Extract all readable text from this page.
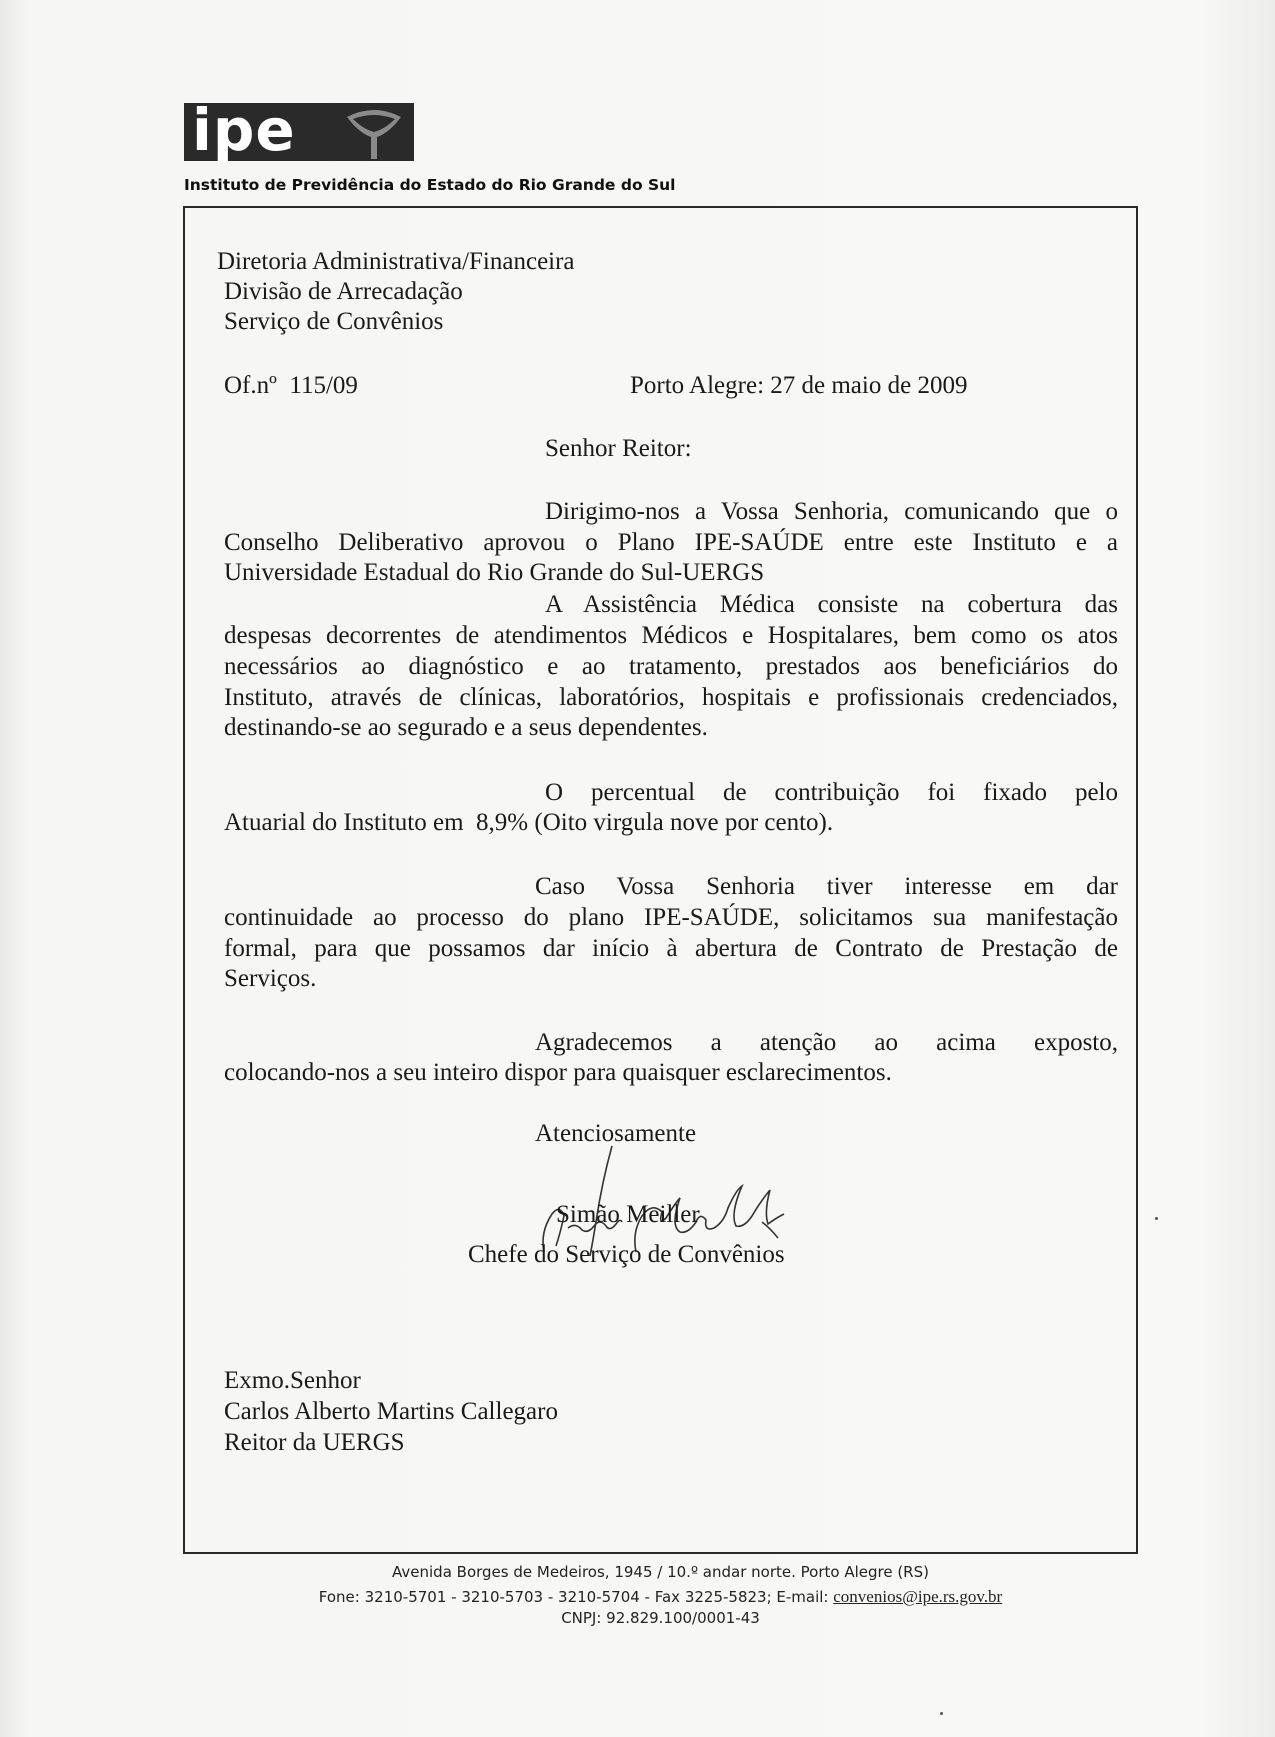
ipe
Instituto de Previdência do Estado do Rio Grande do Sul
Diretoria Administrativa/Financeira
Divisão de Arrecadação
Serviço de Convênios
Of.nº  115/09	Porto Alegre: 27 de maio de 2009
Senhor Reitor:
Dirigimo-nos a Vossa Senhoria, comunicando que o
Conselho Deliberativo aprovou o Plano IPE-SAÚDE entre este Instituto e a
Universidade Estadual do Rio Grande do Sul-UERGS
A Assistência Médica consiste na cobertura das
despesas decorrentes de atendimentos Médicos e Hospitalares, bem como os atos
necessários ao diagnóstico e ao tratamento, prestados aos beneficiários do
Instituto, através de clínicas, laboratórios, hospitais e profissionais credenciados,
destinando-se ao segurado e a seus dependentes.
O percentual de contribuição foi fixado pelo
Atuarial do Instituto em  8,9% (Oito virgula nove por cento).
Caso Vossa Senhoria tiver interesse em dar
continuidade ao processo do plano IPE-SAÚDE, solicitamos sua manifestação
formal, para que possamos dar início à abertura de Contrato de Prestação de
Serviços.
Agradecemos a atenção ao acima exposto,
colocando-nos a seu inteiro dispor para quaisquer esclarecimentos.
Atenciosamente
Simão Meiller
Chefe do Serviço de Convênios
Exmo.Senhor
Carlos Alberto Martins Callegaro
Reitor da UERGS
Avenida Borges de Medeiros, 1945 / 10.º andar norte. Porto Alegre (RS)
Fone: 3210-5701 - 3210-5703 - 3210-5704 - Fax 3225-5823; E-mail: convenios@ipe.rs.gov.br
CNPJ: 92.829.100/0001-43
